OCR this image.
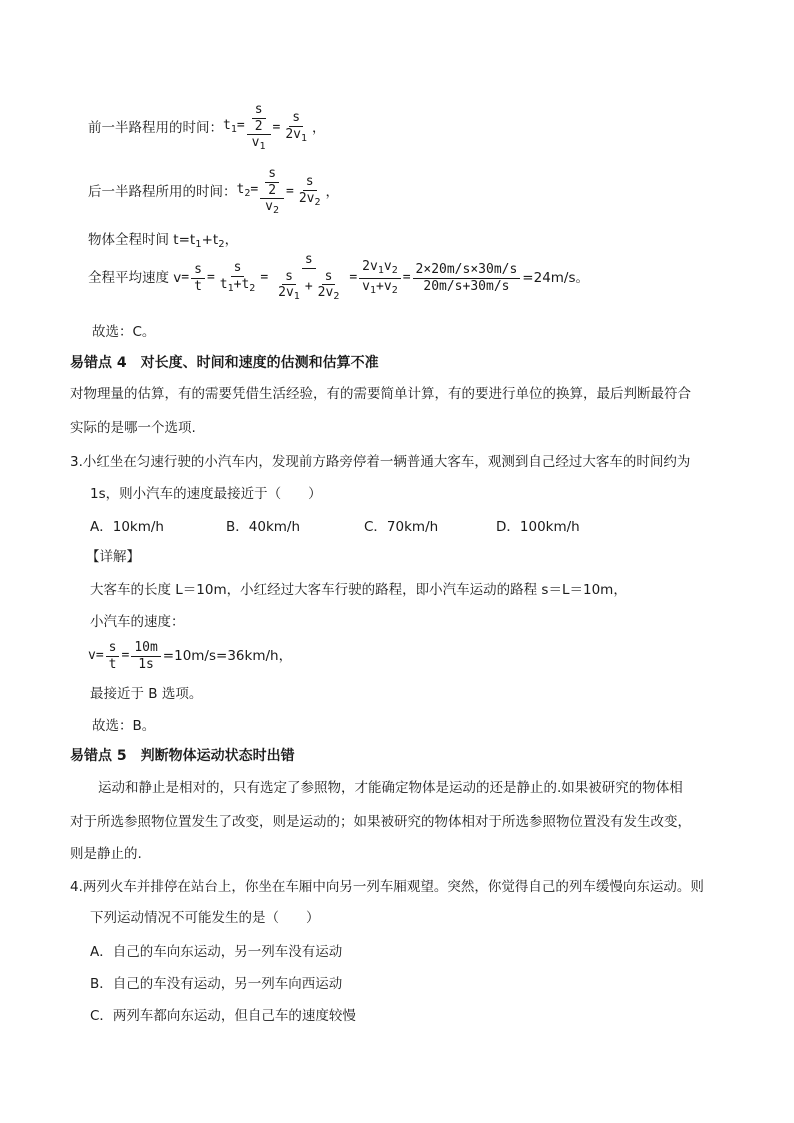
前一半路程用的时间： $t_1= \frac{\frac{s}{2}}{v_1} = \frac{s}{2v_1}$ ，
后一半路程所用的时间： $t_2= \frac{\frac{s}{2}}{v_2} = \frac{s}{2v_2}$ ，
物体全程时间 $t=t_1+t_2$，
全程平均速度 $v = \frac{s}{t} = \frac{s}{t_1+t_2} = \frac{s}{\frac{s}{2v_1} + \frac{s}{2v_2}} = \frac{2v_1v_2}{v_1+v_2} = \frac{2\times 20m/s\times 30m/s}{20m/s+30m/s} =24m/s$。
故选：C。
易错点 4　对长度、时间和速度的估测和估算不准
对物理量的估算，有的需要凭借生活经验，有的需要简单计算，有的要进行单位的换算，最后判断最符合
实际的是哪一个选项.
3.小红坐在匀速行驶的小汽车内，发现前方路旁停着一辆普通大客车，观测到自己经过大客车的时间约为
1s，则小汽车的速度最接近于（　　）
A．10km/h	B．40km/h	C．70km/h	D．100km/h
【详解】
大客车的长度 L＝10m，小红经过大客车行驶的路程，即小汽车运动的路程 s＝L＝10m，
小汽车的速度：
$v= \frac{s}{t} = \frac{10m}{1s} =10m/s=36km/h$，
最接近于 B 选项。
故选：B。
易错点 5　判断物体运动状态时出错
运动和静止是相对的，只有选定了参照物，才能确定物体是运动的还是静止的.如果被研究的物体相
对于所选参照物位置发生了改变，则是运动的；如果被研究的物体相对于所选参照物位置没有发生改变，
则是静止的.
4.两列火车并排停在站台上，你坐在车厢中向另一列车厢观望。突然，你觉得自己的列车缓慢向东运动。则
下列运动情况不可能发生的是（　　）
A．自己的车向东运动，另一列车没有运动
B．自己的车没有运动，另一列车向西运动
C．两列车都向东运动，但自己车的速度较慢
